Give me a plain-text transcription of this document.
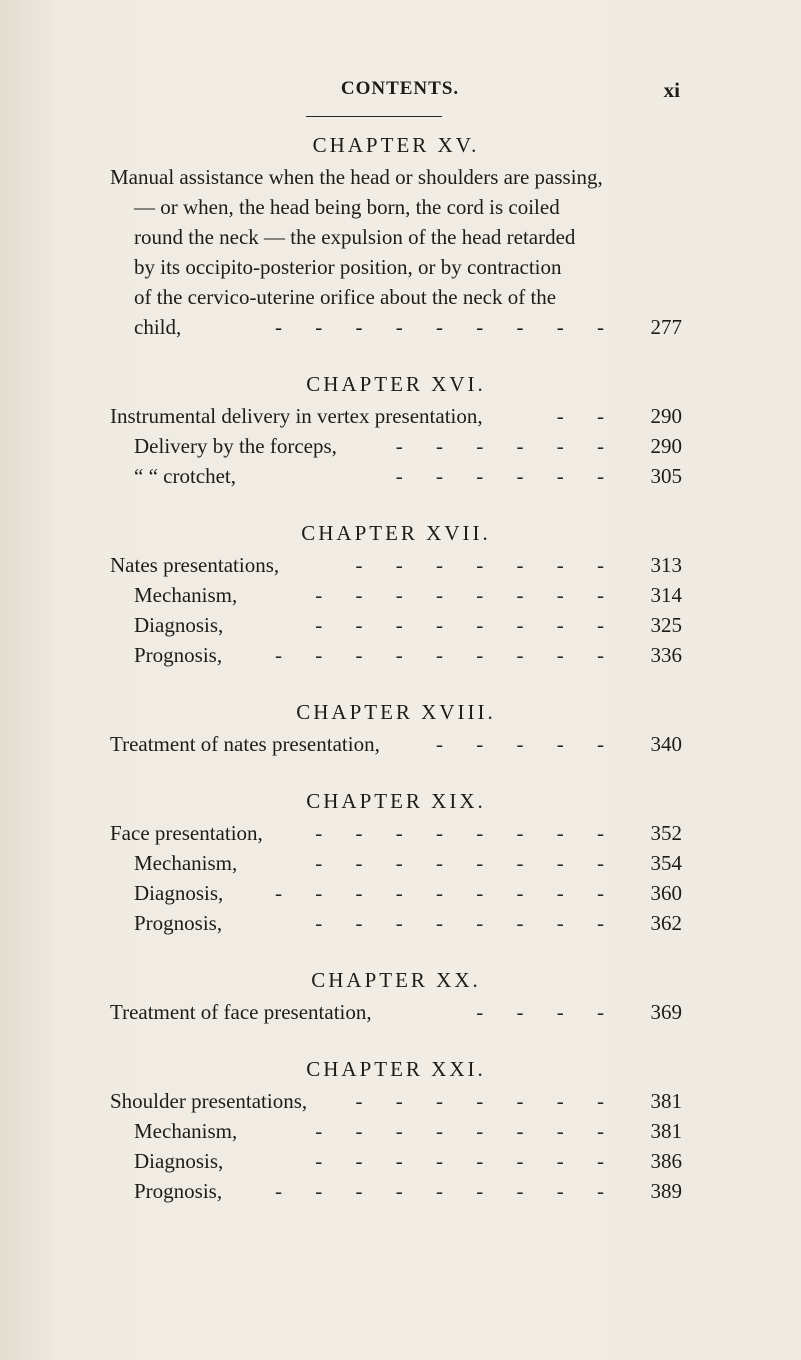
CONTENTS.	xi
CHAPTER XV.
Manual assistance when the head or shoulders are passing,
— or when, the head being born, the cord is coiled
round the neck — the expulsion of the head retarded
by its occipito-posterior position, or by contraction
of the cervico-uterine orifice about the neck of the
child,	- - - - - - - - -	277
CHAPTER XVI.
Instrumental delivery in vertex presentation,	- -	290
Delivery by the forceps,	- - - - - -	290
“ “ crotchet,	- - - - - -	305
CHAPTER XVII.
Nates presentations,	- - - - - - -	313
Mechanism,	- - - - - - - -	314
Diagnosis,	- - - - - - - -	325
Prognosis,	- - - - - - - - -	336
CHAPTER XVIII.
Treatment of nates presentation,	- - - - -	340
CHAPTER XIX.
Face presentation,	- - - - - - - -	352
Mechanism,	- - - - - - - -	354
Diagnosis, - - - - - - - - -	360
Prognosis,	- - - - - - - -	362
CHAPTER XX.
Treatment of face presentation,	- - - -	369
CHAPTER XXI.
Shoulder presentations, - - - - - - -	381
Mechanism,	- - - - - - - -	381
Diagnosis,	- - - - - - - -	386
Prognosis,	- - - - - - - - -	389
